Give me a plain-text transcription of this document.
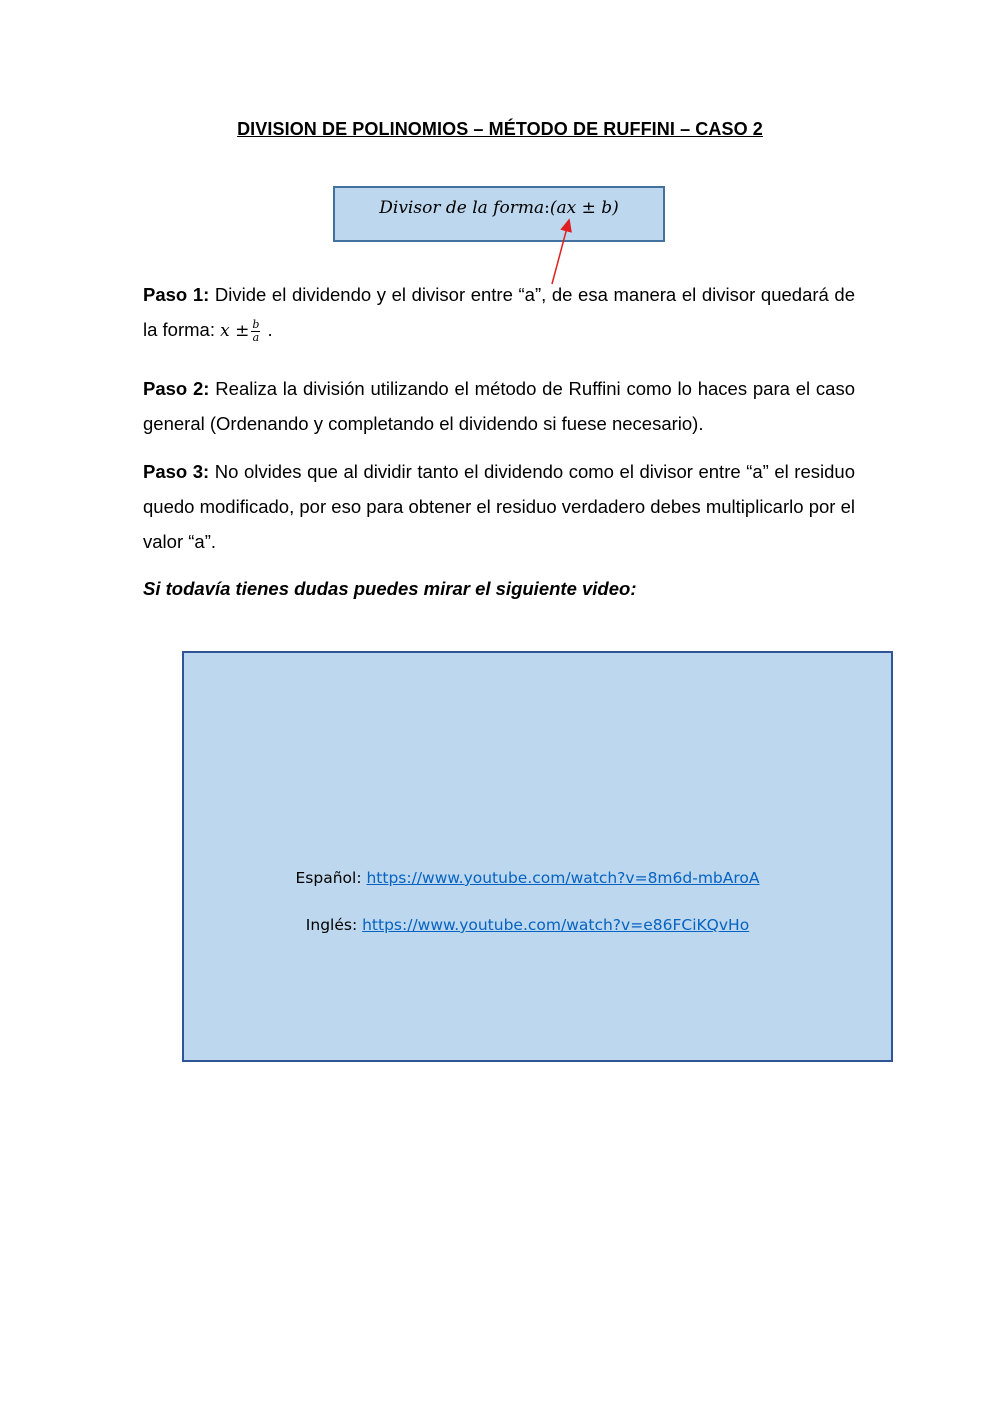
DIVISION DE POLINOMIOS – MÉTODO DE RUFFINI – CASO 2
Divisor de la forma : (ax ± b)
Paso 1: Divide el dividendo y el divisor entre “a”, de esa manera el divisor quedará de la forma: $x \pm \frac{b}{a}$ .
Paso 2: Realiza la división utilizando el método de Ruffini como lo haces para el caso general (Ordenando y completando el dividendo si fuese necesario).
Paso 3: No olvides que al dividir tanto el dividendo como el divisor entre “a” el residuo quedo modificado, por eso para obtener el residuo verdadero debes multiplicarlo por el valor “a”.
Si todavía tienes dudas puedes mirar el siguiente video:
Español: https://www.youtube.com/watch?v=8m6d-mbAroA
Inglés: https://www.youtube.com/watch?v=e86FCiKQvHo
